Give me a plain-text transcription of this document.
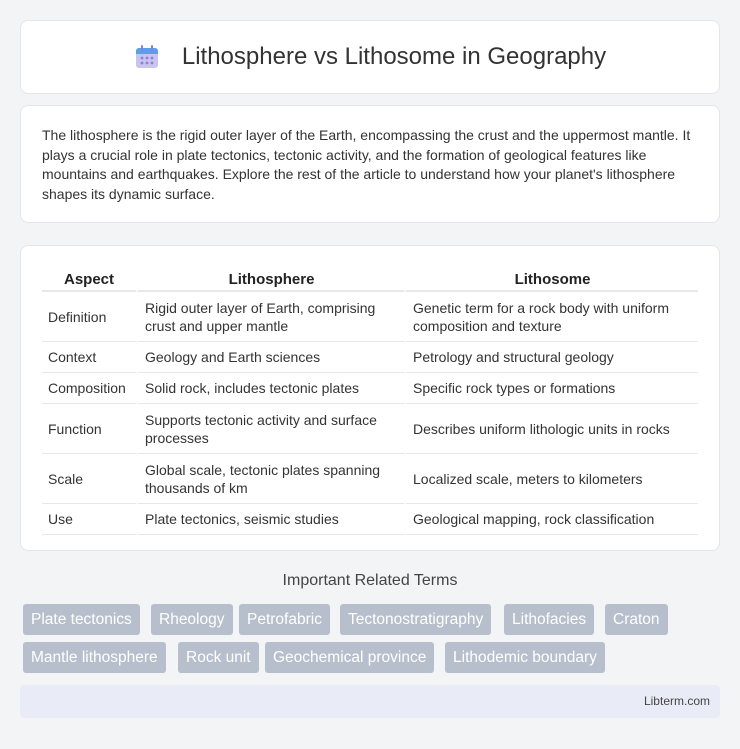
Lithosphere vs Lithosome in Geography

The lithosphere is the rigid outer layer of the Earth, encompassing the crust and the uppermost mantle. It plays a crucial role in plate tectonics, tectonic activity, and the formation of geological features like mountains and earthquakes. Explore the rest of the article to understand how your planet's lithosphere shapes its dynamic surface.

Aspect	Lithosphere	Lithosome
Definition	Rigid outer layer of Earth, comprising crust and upper mantle	Genetic term for a rock body with uniform composition and texture
Context	Geology and Earth sciences	Petrology and structural geology
Composition	Solid rock, includes tectonic plates	Specific rock types or formations
Function	Supports tectonic activity and surface processes	Describes uniform lithologic units in rocks
Scale	Global scale, tectonic plates spanning thousands of km	Localized scale, meters to kilometers
Use	Plate tectonics, seismic studies	Geological mapping, rock classification
Important Related Terms
Plate tectonics	Rheology	Petrofabric	Tectonostratigraphy	Lithofacies	Craton
Mantle lithosphere	Rock unit	Geochemical province	Lithodemic boundary
Libterm.com
